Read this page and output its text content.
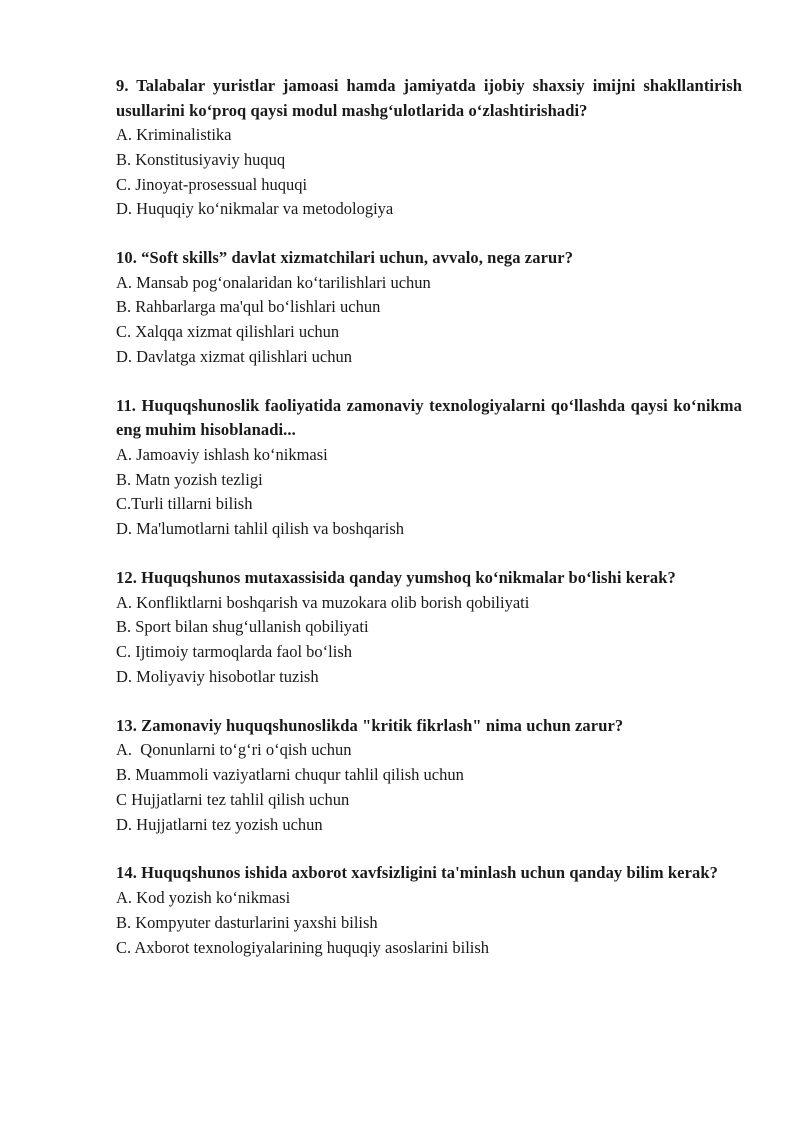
9. Talabalar yuristlar jamoasi hamda jamiyatda ijobiy shaxsiy imijni shakllantirish usullarini ko‘proq qaysi modul mashg‘ulotlarida o‘zlashtirishadi?
A. Kriminalistika
B. Konstitusiyaviy huquq
C. Jinoyat-prosessual huquqi
D. Huquqiy ko‘nikmalar va metodologiya
10. “Soft skills” davlat xizmatchilari uchun, avvalo, nega zarur?
A. Mansab pog‘onalaridan ko‘tarilishlari uchun
B. Rahbarlarga ma'qul bo‘lishlari uchun
C. Xalqqa xizmat qilishlari uchun
D. Davlatga xizmat qilishlari uchun
11. Huquqshunoslik faoliyatida zamonaviy texnologiyalarni qo‘llashda qaysi ko‘nikma eng muhim hisoblanadi...
A. Jamoaviy ishlash ko‘nikmasi
B. Matn yozish tezligi
C.Turli tillarni bilish
D. Ma'lumotlarni tahlil qilish va boshqarish
12. Huquqshunos mutaxassisida qanday yumshoq ko‘nikmalar bo‘lishi kerak?
A. Konfliktlarni boshqarish va muzokara olib borish qobiliyati
B. Sport bilan shug‘ullanish qobiliyati
C. Ijtimoiy tarmoqlarda faol bo‘lish
D. Moliyaviy hisobotlar tuzish
13. Zamonaviy huquqshunoslikda "kritik fikrlash" nima uchun zarur?
A.  Qonunlarni to‘g‘ri o‘qish uchun
B. Muammoli vaziyatlarni chuqur tahlil qilish uchun
C Hujjatlarni tez tahlil qilish uchun
D. Hujjatlarni tez yozish uchun
14. Huquqshunos ishida axborot xavfsizligini ta'minlash uchun qanday bilim kerak?
A. Kod yozish ko‘nikmasi
B. Kompyuter dasturlarini yaxshi bilish
C. Axborot texnologiyalarining huquqiy asoslarini bilish
